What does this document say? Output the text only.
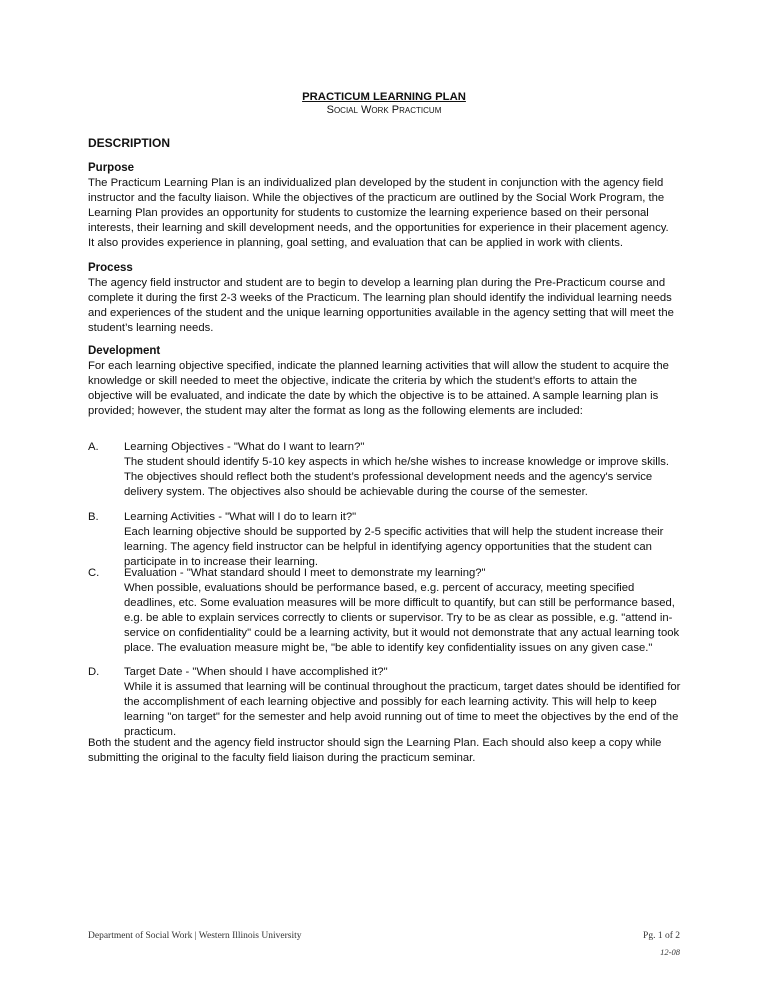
PRACTICUM LEARNING PLAN
Social Work Practicum
DESCRIPTION
Purpose
The Practicum Learning Plan is an individualized plan developed by the student in conjunction with the agency field
instructor and the faculty liaison. While the objectives of the practicum are outlined by the Social Work Program, the
Learning Plan provides an opportunity for students to customize the learning experience based on their personal
interests, their learning and skill development needs, and the opportunities for experience in their placement agency.
It also provides experience in planning, goal setting, and evaluation that can be applied in work with clients.
Process
The agency field instructor and student are to begin to develop a learning plan during the Pre-Practicum course and
complete it during the first 2-3 weeks of the Practicum. The learning plan should identify the individual learning needs
and experiences of the student and the unique learning opportunities available in the agency setting that will meet the
student’s learning needs.
Development
For each learning objective specified, indicate the planned learning activities that will allow the student to acquire the
knowledge or skill needed to meet the objective, indicate the criteria by which the student’s efforts to attain the
objective will be evaluated, and indicate the date by which the objective is to be attained. A sample learning plan is
provided; however, the student may alter the format as long as the following elements are included:
A. Learning Objectives - "What do I want to learn?"
The student should identify 5-10 key aspects in which he/she wishes to increase knowledge or improve skills.
The objectives should reflect both the student’s professional development needs and the agency's service
delivery system. The objectives also should be achievable during the course of the semester.
B. Learning Activities - "What will I do to learn it?"
Each learning objective should be supported by 2-5 specific activities that will help the student increase their
learning. The agency field instructor can be helpful in identifying agency opportunities that the student can
participate in to increase their learning.
C. Evaluation - "What standard should I meet to demonstrate my learning?"
When possible, evaluations should be performance based, e.g. percent of accuracy, meeting specified
deadlines, etc. Some evaluation measures will be more difficult to quantify, but can still be performance based,
e.g. be able to explain services correctly to clients or supervisor. Try to be as clear as possible, e.g. "attend in-
service on confidentiality" could be a learning activity, but it would not demonstrate that any actual learning took
place. The evaluation measure might be, "be able to identify key confidentiality issues on any given case."
D. Target Date - "When should I have accomplished it?"
While it is assumed that learning will be continual throughout the practicum, target dates should be identified for
the accomplishment of each learning objective and possibly for each learning activity. This will help to keep
learning "on target" for the semester and help avoid running out of time to meet the objectives by the end of the
practicum.
Both the student and the agency field instructor should sign the Learning Plan. Each should also keep a copy while
submitting the original to the faculty field liaison during the practicum seminar.
Department of Social Work | Western Illinois University	Pg. 1 of 2
12-08
